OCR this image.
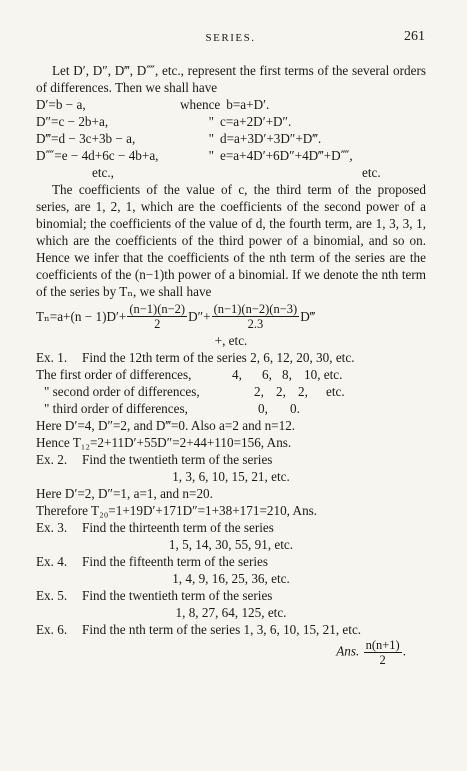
SERIES.	261

Let D′, D″, D‴, D⁗, etc., represent the first terms of the several orders of differences. Then we shall have

D′=b − a,	whence b=a+D′.
D″=c − 2b+a,	" c=a+2D′+D″.
D‴=d − 3c+3b − a,	" d=a+3D′+3D″+D‴.
D⁗=e − 4d+6c − 4b+a,	" e=a+4D′+6D″+4D‴+D⁗,
etc.,	etc.

The coefficients of the value of c, the third term of the proposed series, are 1, 2, 1, which are the coefficients of the second power of a binomial; the coefficients of the value of d, the fourth term, are 1, 3, 3, 1, which are the coefficients of the third power of a binomial, and so on. Hence we infer that the coefficients of the nth term of the series are the coefficients of the (n−1)th power of a binomial. If we denote the nth term of the series by Tₙ, we shall have

$T_n=a+(n - 1)D'+ \frac{(n-1)(n-2)}{2} D''+ \frac{(n-1)(n-2)(n-3)}{2.3}$ D‴

+, etc.

Ex. 1.	Find the 12th term of the series 2, 6, 12, 20, 30, etc.
The first order of differences,	4,	6, 8, 10, etc.
" second order of differences,	2, 2, 2,	etc.
" third order of differences,	0,	0.

Here D′=4, D″=2, and D‴=0. Also a=2 and n=12.

Hence T₁₂=2+11D′+55D″=2+44+110=156, Ans.

Ex. 2.	Find the twentieth term of the series

1, 3, 6, 10, 15, 21, etc.

Here D′=2, D″=1, a=1, and n=20.

Therefore T₂₀=1+19D′+171D″=1+38+171=210, Ans.

Ex. 3.	Find the thirteenth term of the series

1, 5, 14, 30, 55, 91, etc.

Ex. 4.	Find the fifteenth term of the series

1, 4, 9, 16, 25, 36, etc.

Ex. 5.	Find the twentieth term of the series

1, 8, 27, 64, 125, etc.

Ex. 6.	Find the nth term of the series 1, 3, 6, 10, 15, 21, etc.
Ans. $\frac{n(n+1)}{2}$ .
